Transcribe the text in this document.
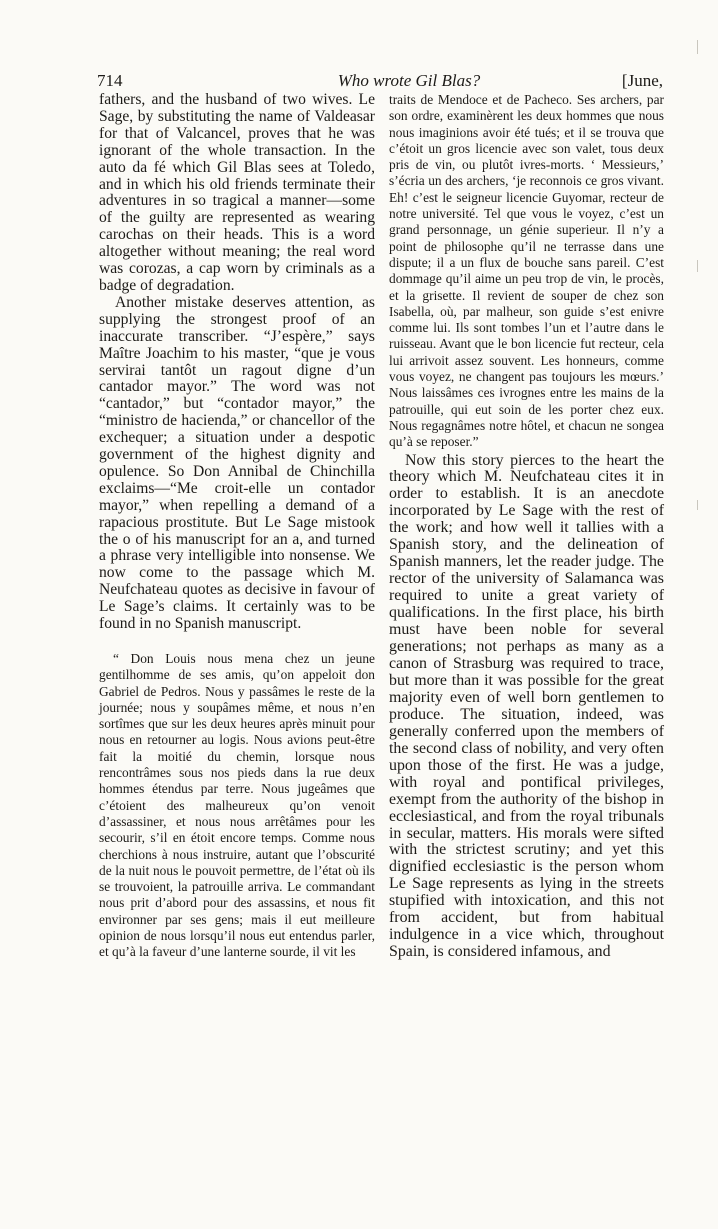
714	Who wrote Gil Blas?	[June,

fathers, and the husband of two wives. Le Sage, by substituting the name of Valdeasar for that of Valcancel, proves that he was ignorant of the whole transaction. In the auto da fé which Gil Blas sees at Toledo, and in which his old friends terminate their adventures in so tragical a manner—some of the guilty are represented as wearing carochas on their heads. This is a word altogether without meaning; the real word was corozas, a cap worn by criminals as a badge of degradation.

Another mistake deserves attention, as supplying the strongest proof of an inaccurate transcriber. “J’espère,” says Maître Joachim to his master, “que je vous servirai tantôt un ragout digne d’un cantador mayor.” The word was not “cantador,” but “contador mayor,” the “ministro de hacienda,” or chancellor of the exchequer; a situation under a despotic government of the highest dignity and opulence. So Don Annibal de Chinchilla exclaims—“Me croit-elle un contador mayor,” when repelling a demand of a rapacious prostitute. But Le Sage mistook the o of his manuscript for an a, and turned a phrase very intelligible into nonsense. We now come to the passage which M. Neufchateau quotes as decisive in favour of Le Sage’s claims. It certainly was to be found in no Spanish manuscript.

“ Don Louis nous mena chez un jeune gentilhomme de ses amis, qu’on appeloit don Gabriel de Pedros. Nous y passâmes le reste de la journée; nous y soupâmes même, et nous n’en sortîmes que sur les deux heures après minuit pour nous en retourner au logis. Nous avions peut-être fait la moitié du chemin, lorsque nous rencontrâmes sous nos pieds dans la rue deux hommes étendus par terre. Nous jugeâmes que c’étoient des malheureux qu’on venoit d’assassiner, et nous nous arrêtâmes pour les secourir, s’il en étoit encore temps. Comme nous cherchions à nous instruire, autant que l’obscurité de la nuit nous le pouvoit permettre, de l’état où ils se trouvoient, la patrouille arriva. Le commandant nous prit d’abord pour des assassins, et nous fit environner par ses gens; mais il eut meilleure opinion de nous lorsqu’il nous eut entendus parler, et qu’à la faveur d’une lanterne sourde, il vit les

traits de Mendoce et de Pacheco. Ses archers, par son ordre, examinèrent les deux hommes que nous nous imaginions avoir été tués; et il se trouva que c’étoit un gros licencie avec son valet, tous deux pris de vin, ou plutôt ivres-morts. ‘ Messieurs,’ s’écria un des archers, ‘je reconnois ce gros vivant. Eh! c’est le seigneur licencie Guyomar, recteur de notre université. Tel que vous le voyez, c’est un grand personnage, un génie superieur. Il n’y a point de philosophe qu’il ne terrasse dans une dispute; il a un flux de bouche sans pareil. C’est dommage qu’il aime un peu trop de vin, le procès, et la grisette. Il revient de souper de chez son Isabella, où, par malheur, son guide s’est enivre comme lui. Ils sont tombes l’un et l’autre dans le ruisseau. Avant que le bon licencie fut recteur, cela lui arrivoit assez souvent. Les honneurs, comme vous voyez, ne changent pas toujours les mœurs.’ Nous laissâmes ces ivrognes entre les mains de la patrouille, qui eut soin de les porter chez eux. Nous regagnâmes notre hôtel, et chacun ne songea qu’à se reposer.”

Now this story pierces to the heart the theory which M. Neufchateau cites it in order to establish. It is an anecdote incorporated by Le Sage with the rest of the work; and how well it tallies with a Spanish story, and the delineation of Spanish manners, let the reader judge. The rector of the university of Salamanca was required to unite a great variety of qualifications. In the first place, his birth must have been noble for several generations; not perhaps as many as a canon of Strasburg was required to trace, but more than it was possible for the great majority even of well born gentlemen to produce. The situation, indeed, was generally conferred upon the members of the second class of nobility, and very often upon those of the first. He was a judge, with royal and pontifical privileges, exempt from the authority of the bishop in ecclesiastical, and from the royal tribunals in secular, matters. His morals were sifted with the strictest scrutiny; and yet this dignified ecclesiastic is the person whom Le Sage represents as lying in the streets stupified with intoxication, and this not from accident, but from habitual indulgence in a vice which, throughout Spain, is considered infamous, and
